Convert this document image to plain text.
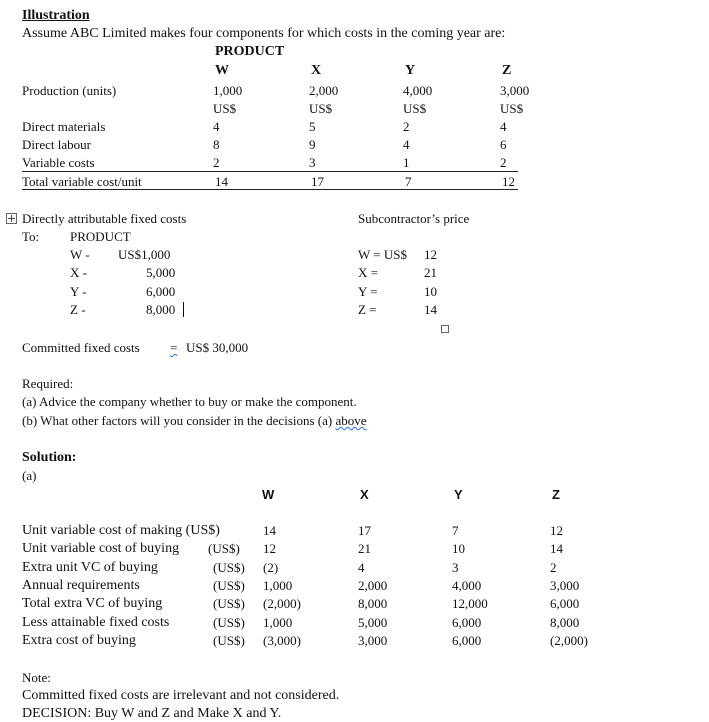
Illustration
Assume ABC Limited makes four components for which costs in the coming year are:
PRODUCT
W	X	Y	Z
Production (units)	1,000	2,000	4,000	3,000
US$	US$	US$	US$
Direct materials	4	5	2	4
Direct labour	8	9	4	6
Variable costs	2	3	1	2
Total variable cost/unit	14	17	7	12
Directly attributable fixed costs
To: PRODUCT
W - US$1,000
X -	5,000
Y -	6,000
Z -	8,000
Subcontractor’s price
W = US$ 12
X =	21
Y =	10
Z =	14
Committed fixed costs = US$ 30,000
Required:
(a) Advice the company whether to buy or make the component.
(b) What other factors will you consider in the decisions (a) above
Solution:
(a)
W	X	Y	Z
Unit variable cost of making (US$)	14	17	7	12
Unit variable cost of buying (US$) 12	21	10	14
Extra unit VC of buying	(US$) (2)	4	3	2
Annual requirements	(US$) 1,000	2,000	4,000	3,000
Total extra VC of buying	(US$) (2,000)	8,000	12,000	6,000
Less attainable fixed costs	(US$) 1,000	5,000	6,000	8,000
Extra cost of buying	(US$) (3,000)	3,000	6,000	(2,000)
Note:
Committed fixed costs are irrelevant and not considered.
DECISION: Buy W and Z and Make X and Y.
